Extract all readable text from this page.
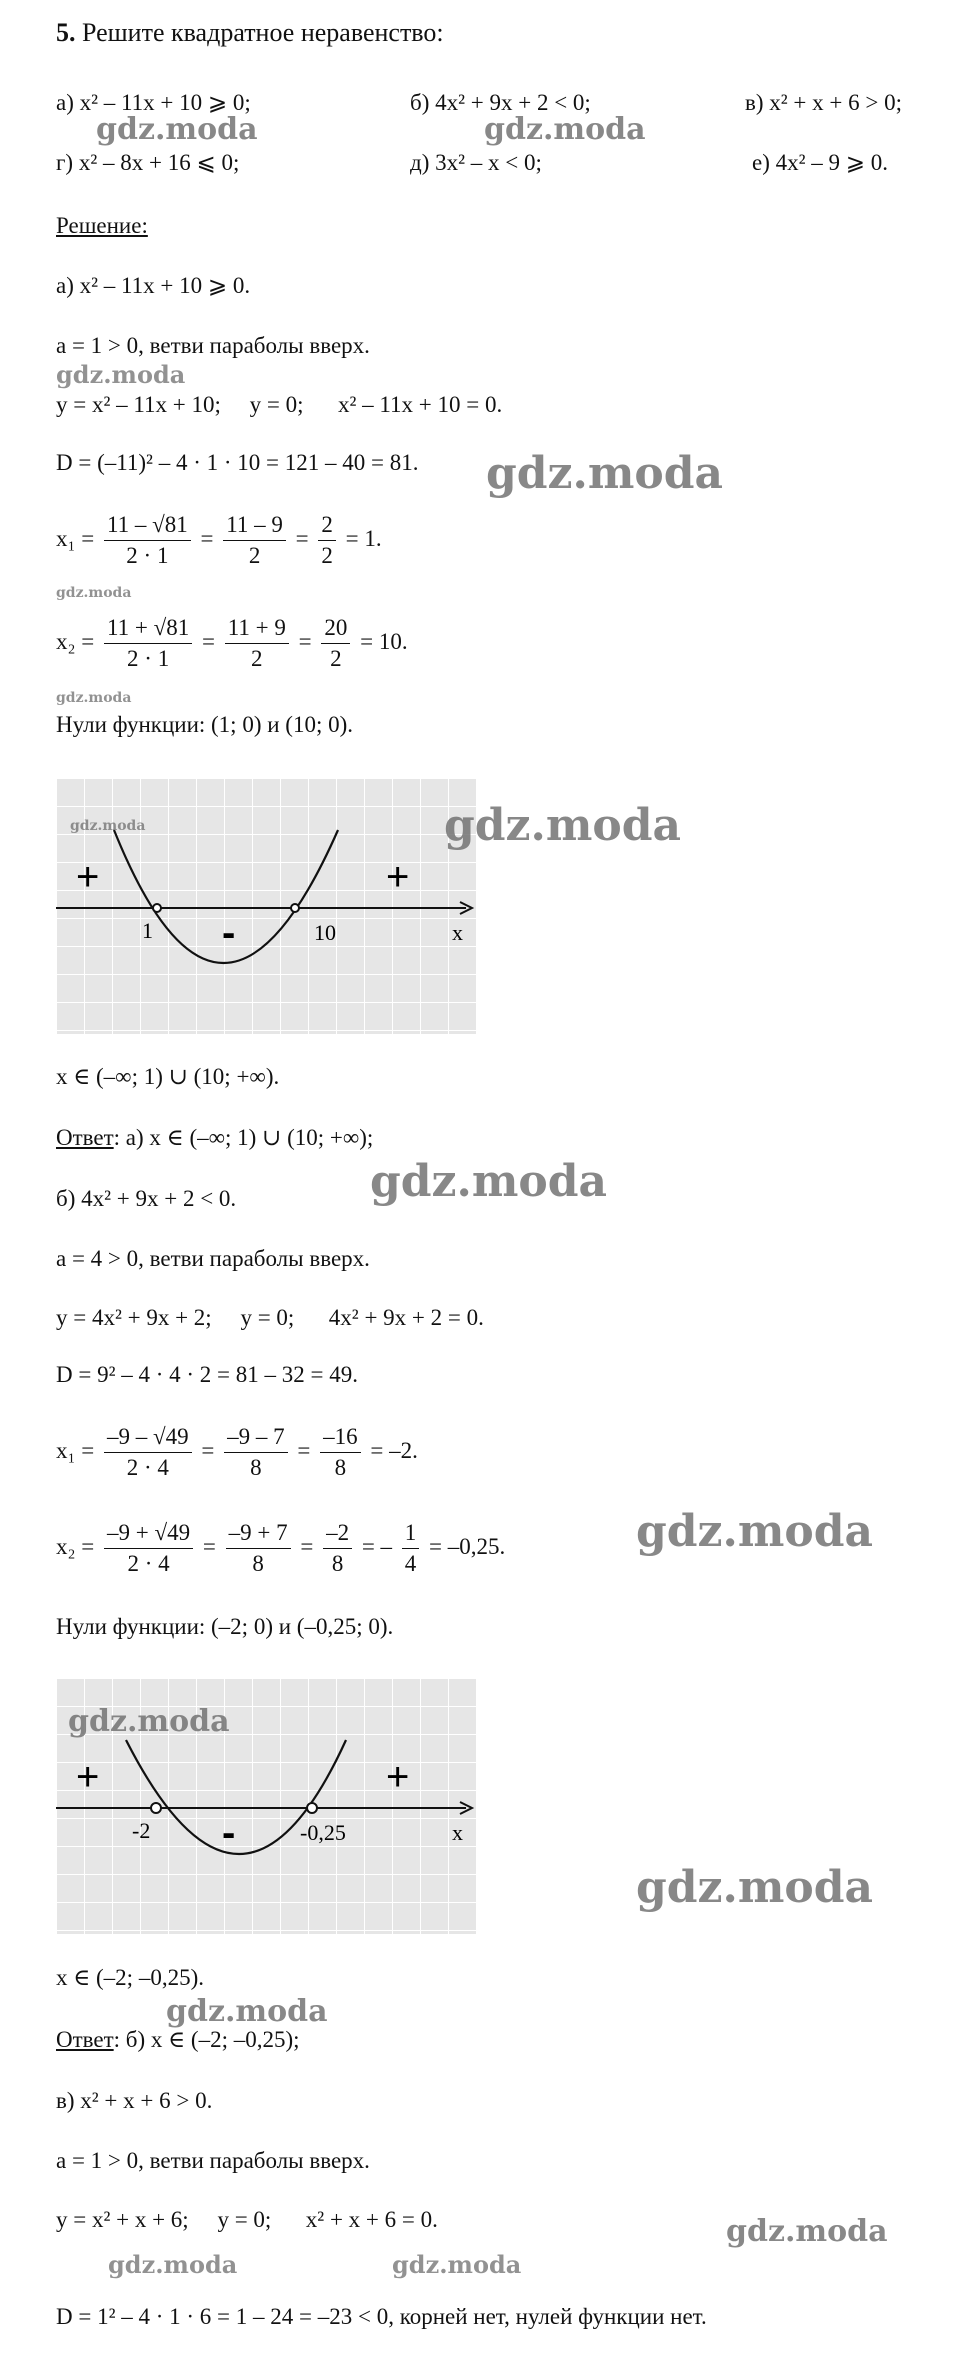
5. Решите квадратное неравенство:
а) x² – 11x + 10 ⩾ 0;	б) 4x² + 9x + 2 < 0;	в) x² + x + 6 > 0;
г) x² – 8x + 16 ⩽ 0;	д) 3x² – x < 0;	е) 4x² – 9 ⩾ 0.
Решение:
а) x² – 11x + 10 ⩾ 0.
а = 1 > 0, ветви параболы вверх.
y = x² – 11x + 10;     y = 0;      x² – 11x + 10 = 0.
D = (–11)² – 4 · 1 · 10 = 121 – 40 = 81.
$x_1 = \frac{11 - √81}{2 \cdot 1} = \frac{11 - 9}{2} = \frac{2}{2} = 1$.
$x_2 = \frac{11 + √81}{2 \cdot 1} = \frac{11 + 9}{2} = \frac{20}{2} = 10$.
Нули функции: (1; 0) и (10; 0).
+	+
-
1	10	x
x ∈ (–∞; 1) ∪ (10; +∞).
Ответ: а) x ∈ (–∞; 1) ∪ (10; +∞);
б) 4x² + 9x + 2 < 0.
а = 4 > 0, ветви параболы вверх.
y = 4x² + 9x + 2;     y = 0;      4x² + 9x + 2 = 0.
D = 9² – 4 · 4 · 2 = 81 – 32 = 49.
$x_1 = \frac{-9 - √49}{2 \cdot 4} = \frac{-9 - 7}{8} = \frac{-16}{8} = -2$.
$x_2 = \frac{-9 + √49}{2 \cdot 4} = \frac{-9 + 7}{8} = \frac{-2}{8}$ = – $\frac{1}{4} = -0,25$.
Нули функции: (–2; 0) и (–0,25; 0).
+	+
-
-2	-0,25	x
x ∈ (–2; –0,25).
Ответ: б) x ∈ (–2; –0,25);
в) x² + x + 6 > 0.
а = 1 > 0, ветви параболы вверх.
y = x² + x + 6;     y = 0;      x² + x + 6 = 0.
D = 1² – 4 · 1 · 6 = 1 – 24 = –23 < 0, корней нет, нулей функции нет.
gdz.moda	gdz.moda
gdz.moda
gdz.moda
gdz.moda
gdz.moda
gdz.moda	gdz.moda
gdz.moda
gdz.moda
gdz.moda
gdz.moda
gdz.moda
gdz.moda
gdz.moda	gdz.moda
